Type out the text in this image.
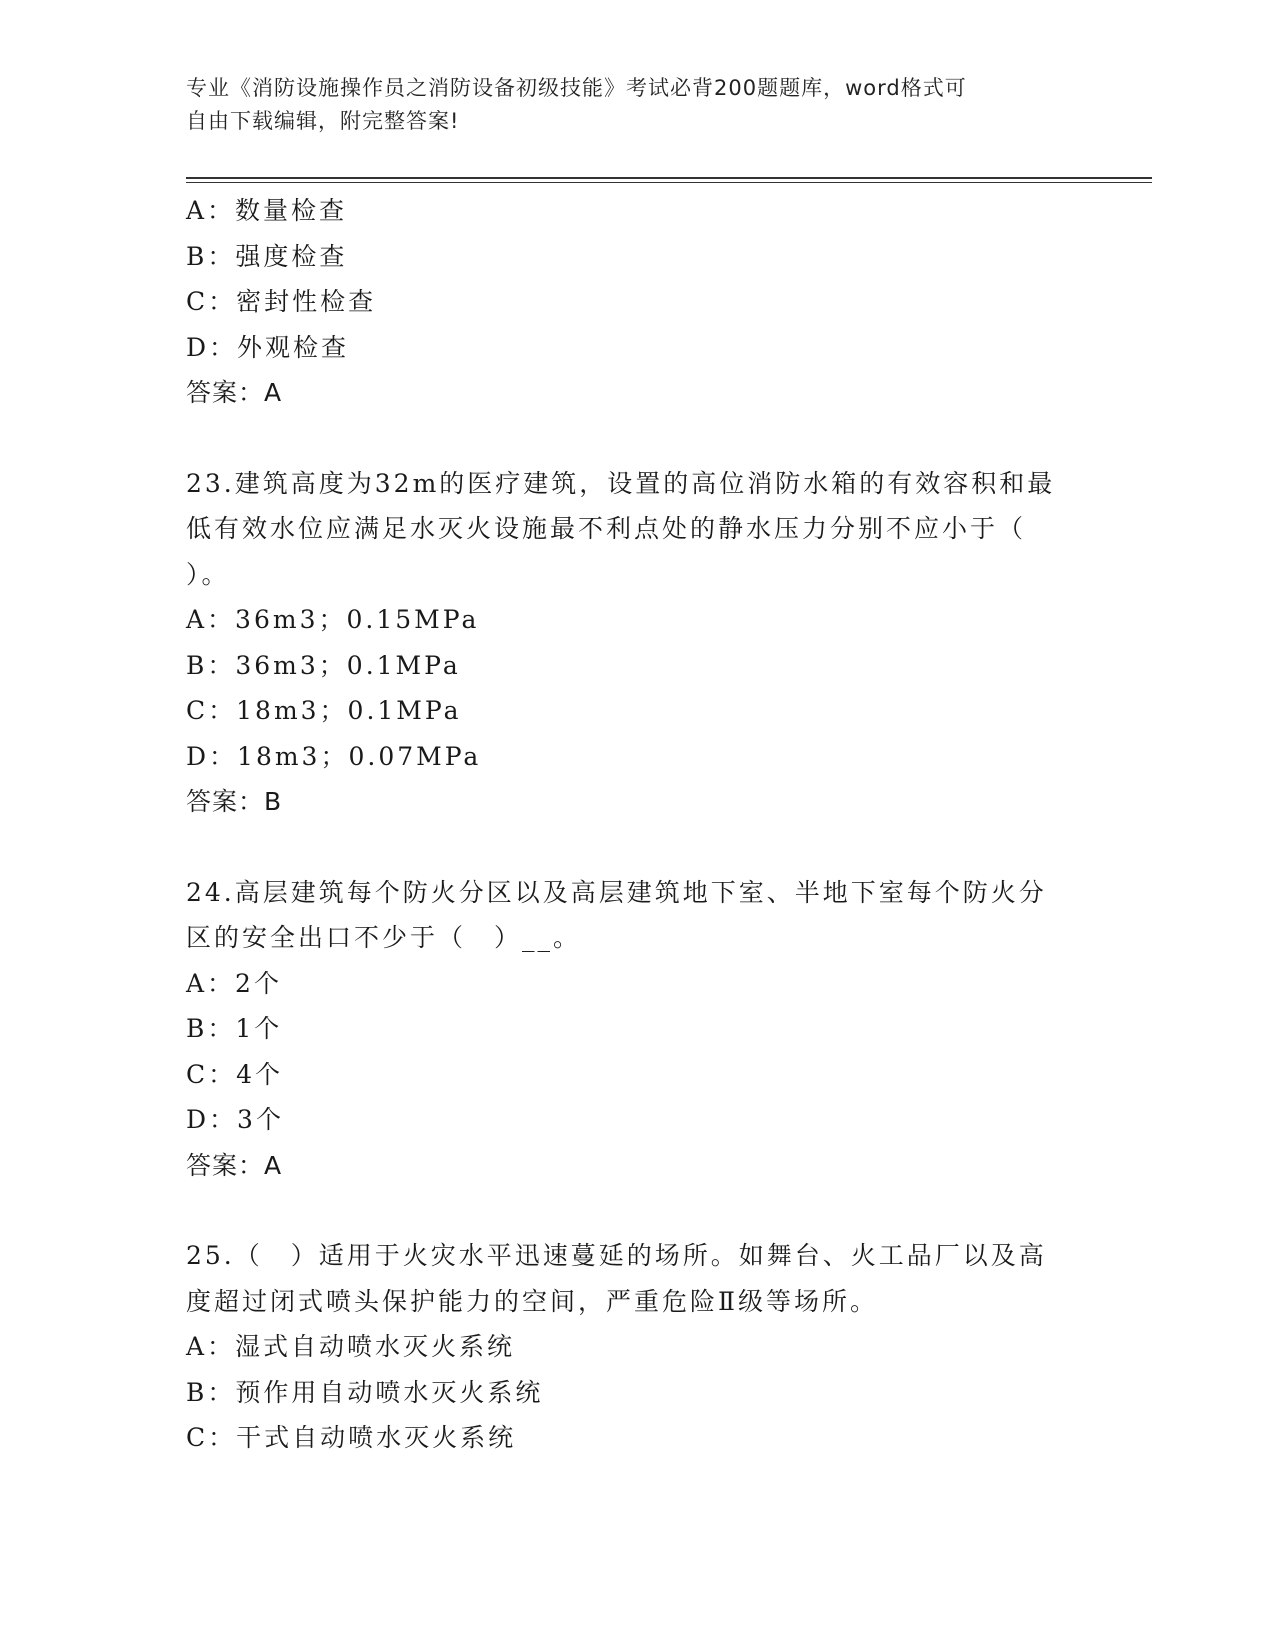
专业《消防设施操作员之消防设备初级技能》考试必背200题题库，word格式可
自由下载编辑，附完整答案!
A：数量检查
B：强度检查
C：密封性检查
D：外观检查
答案：A
23.建筑高度为32m的医疗建筑，设置的高位消防水箱的有效容积和最
低有效水位应满足水灭火设施最不利点处的静水压力分别不应小于（
）。
A：36m3；0.15MPa
B：36m3；0.1MPa
C：18m3；0.1MPa
D：18m3；0.07MPa
答案：B
24.高层建筑每个防火分区以及高层建筑地下室、半地下室每个防火分
区的安全出口不少于（　）__。
A：2个
B：1个
C：4个
D：3个
答案：A
25.（　）适用于火灾水平迅速蔓延的场所。如舞台、火工品厂以及高
度超过闭式喷头保护能力的空间，严重危险Ⅱ级等场所。
A：湿式自动喷水灭火系统
B：预作用自动喷水灭火系统
C：干式自动喷水灭火系统
